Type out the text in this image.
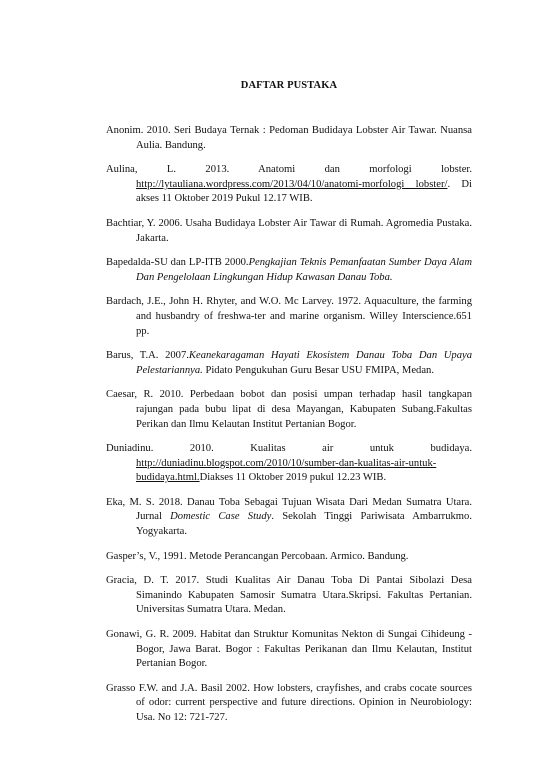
DAFTAR PUSTAKA

Anonim. 2010. Seri Budaya Ternak : Pedoman Budidaya Lobster Air Tawar. Nuansa Aulia. Bandung.

Aulina, L. 2013. Anatomi dan morfologi lobster. http://lytauliana.wordpress.com/2013/04/10/anatomi-morfologi lobster/. Di akses 11 Oktober 2019 Pukul 12.17 WIB.

Bachtiar, Y. 2006. Usaha Budidaya Lobster Air Tawar di Rumah. Agromedia Pustaka. Jakarta.

Bapedalda-SU dan LP-ITB 2000.Pengkajian Teknis Pemanfaatan Sumber Daya Alam Dan Pengelolaan Lingkungan Hidup Kawasan Danau Toba.

Bardach, J.E., John H. Rhyter, and W.O. Mc Larvey. 1972. Aquaculture, the farming and husbandry of freshwa-ter and marine organism. Willey Interscience.651 pp.

Barus, T.A. 2007.Keanekaragaman Hayati Ekosistem Danau Toba Dan Upaya Pelestariannya. Pidato Pengukuhan Guru Besar USU FMIPA, Medan.

Caesar, R. 2010. Perbedaan bobot dan posisi umpan terhadap hasil tangkapan rajungan pada bubu lipat di desa Mayangan, Kabupaten Subang.Fakultas Perikan dan Ilmu Kelautan Institut Pertanian Bogor.

Duniadinu. 2010. Kualitas air untuk budidaya. http://duniadinu.blogspot.com/2010/10/sumber-dan-kualitas-air-untuk-budidaya.html.Diakses 11 Oktober 2019 pukul 12.23 WIB.

Eka, M. S. 2018. Danau Toba Sebagai Tujuan Wisata Dari Medan Sumatra Utara. Jurnal Domestic Case Study. Sekolah Tinggi Pariwisata Ambarrukmo. Yogyakarta.

Gasper’s, V., 1991. Metode Perancangan Percobaan. Armico. Bandung.

Gracia, D. T. 2017. Studi Kualitas Air Danau Toba Di Pantai Sibolazi Desa Simanindo Kabupaten Samosir Sumatra Utara.Skripsi. Fakultas Pertanian. Universitas Sumatra Utara. Medan.

Gonawi, G. R. 2009. Habitat dan Struktur Komunitas Nekton di Sungai Cihideung - Bogor, Jawa Barat. Bogor : Fakultas Perikanan dan Ilmu Kelautan, Institut Pertanian Bogor.

Grasso F.W. and J.A. Basil 2002. How lobsters, crayfishes, and crabs cocate sources of odor: current perspective and future directions. Opinion in Neurobiology: Usa. No 12: 721-727.
